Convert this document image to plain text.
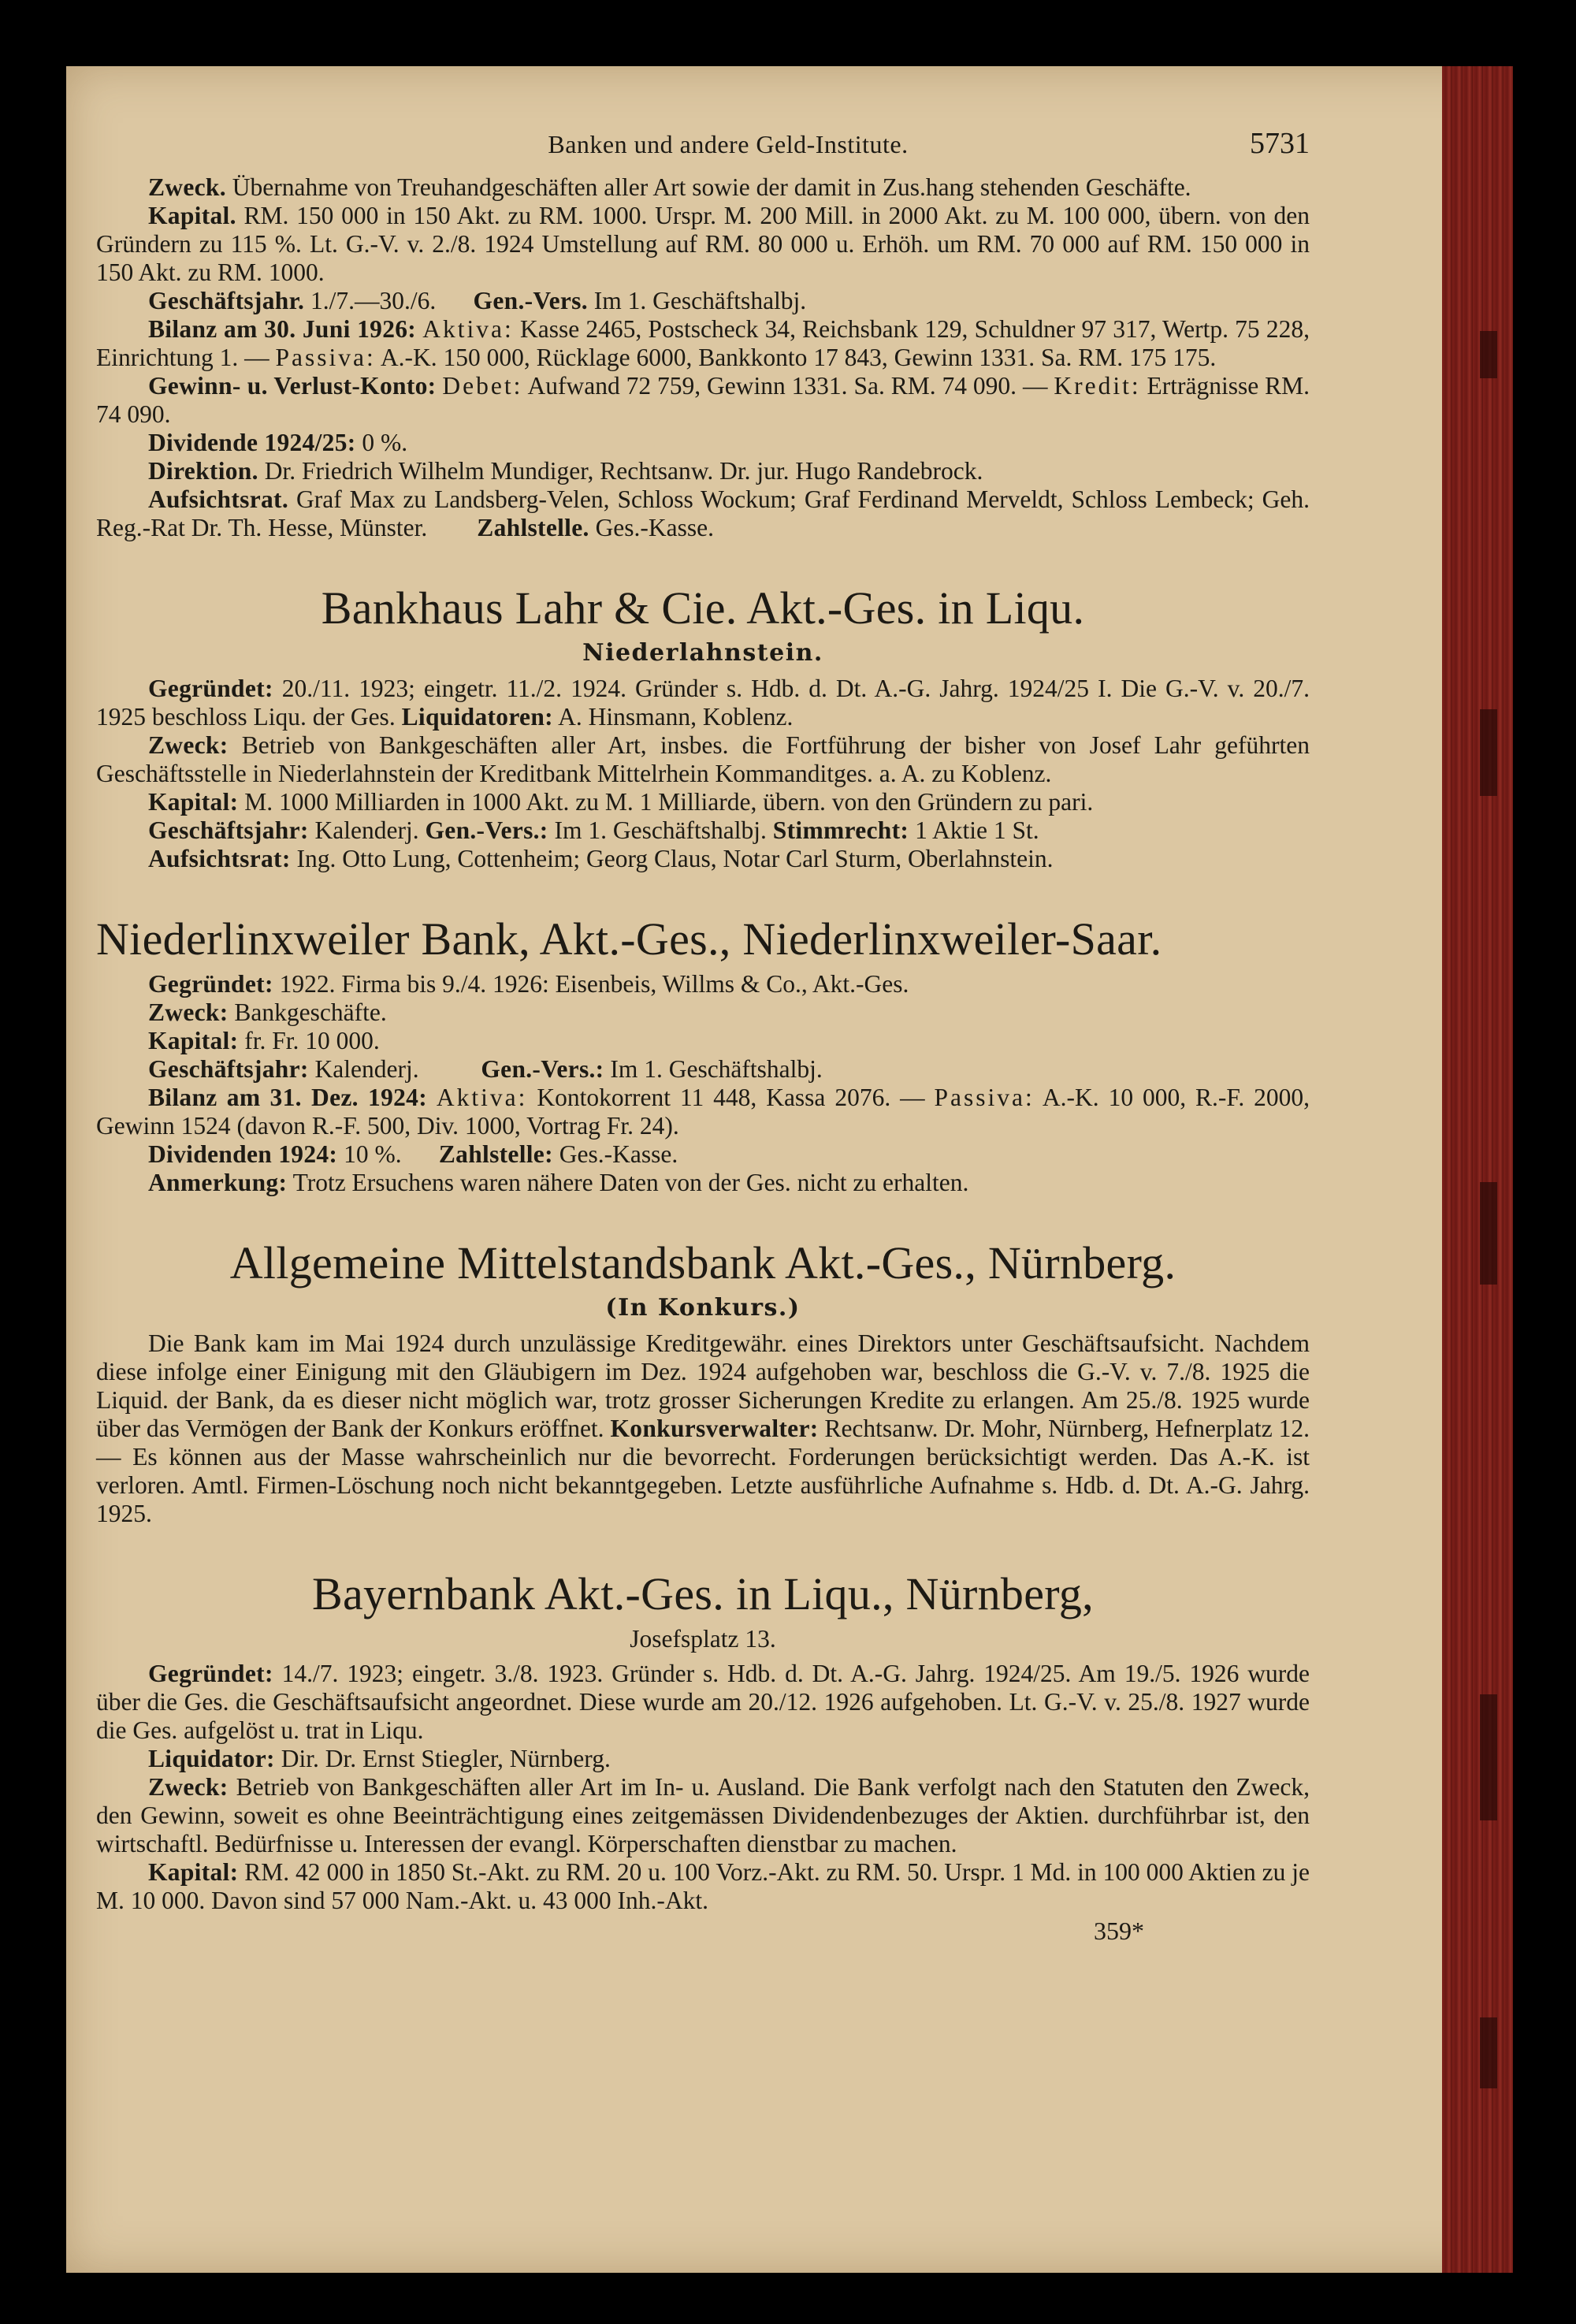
Banken und andere Geld-Institute.	5731

Zweck. Übernahme von Treuhandgeschäften aller Art sowie der damit in Zus.hang stehenden Geschäfte.

Kapital. RM. 150 000 in 150 Akt. zu RM. 1000. Urspr. M. 200 Mill. in 2000 Akt. zu M. 100 000, übern. von den Gründern zu 115 %. Lt. G.-V. v. 2./8. 1924 Umstellung auf RM. 80 000 u. Erhöh. um RM. 70 000 auf RM. 150 000 in 150 Akt. zu RM. 1000.

Geschäftsjahr. 1./7.—30./6. Gen.-Vers. Im 1. Geschäftshalbj.

Bilanz am 30. Juni 1926: Aktiva: Kasse 2465, Postscheck 34, Reichsbank 129, Schuldner 97 317, Wertp. 75 228, Einrichtung 1. — Passiva: A.-K. 150 000, Rücklage 6000, Bankkonto 17 843, Gewinn 1331. Sa. RM. 175 175.

Gewinn- u. Verlust-Konto: Debet: Aufwand 72 759, Gewinn 1331. Sa. RM. 74 090. — Kredit: Erträgnisse RM. 74 090.

Dividende 1924/25: 0 %.

Direktion. Dr. Friedrich Wilhelm Mundiger, Rechtsanw. Dr. jur. Hugo Randebrock.

Aufsichtsrat. Graf Max zu Landsberg-Velen, Schloss Wockum; Graf Ferdinand Merveldt, Schloss Lembeck; Geh. Reg.-Rat Dr. Th. Hesse, Münster. Zahlstelle. Ges.-Kasse.

Bankhaus Lahr & Cie. Akt.-Ges. in Liqu.
Niederlahnstein.

Gegründet: 20./11. 1923; eingetr. 11./2. 1924. Gründer s. Hdb. d. Dt. A.-G. Jahrg. 1924/25 I. Die G.-V. v. 20./7. 1925 beschloss Liqu. der Ges. Liquidatoren: A. Hinsmann, Koblenz.

Zweck: Betrieb von Bankgeschäften aller Art, insbes. die Fortführung der bisher von Josef Lahr geführten Geschäftsstelle in Niederlahnstein der Kreditbank Mittelrhein Kommanditges. a. A. zu Koblenz.

Kapital: M. 1000 Milliarden in 1000 Akt. zu M. 1 Milliarde, übern. von den Gründern zu pari.

Geschäftsjahr: Kalenderj. Gen.-Vers.: Im 1. Geschäftshalbj. Stimmrecht: 1 Aktie 1 St.

Aufsichtsrat: Ing. Otto Lung, Cottenheim; Georg Claus, Notar Carl Sturm, Oberlahnstein.

Niederlinxweiler Bank, Akt.-Ges., Niederlinxweiler-Saar.

Gegründet: 1922. Firma bis 9./4. 1926: Eisenbeis, Willms & Co., Akt.-Ges.

Zweck: Bankgeschäfte.

Kapital: fr. Fr. 10 000.

Geschäftsjahr: Kalenderj.	Gen.-Vers.: Im 1. Geschäftshalbj.

Bilanz am 31. Dez. 1924: Aktiva: Kontokorrent 11 448, Kassa 2076. — Passiva: A.-K. 10 000, R.-F. 2000, Gewinn 1524 (davon R.-F. 500, Div. 1000, Vortrag Fr. 24).

Dividenden 1924: 10 %. Zahlstelle: Ges.-Kasse.

Anmerkung: Trotz Ersuchens waren nähere Daten von der Ges. nicht zu erhalten.

Allgemeine Mittelstandsbank Akt.-Ges., Nürnberg.
(In Konkurs.)

Die Bank kam im Mai 1924 durch unzulässige Kreditgewähr. eines Direktors unter Geschäftsaufsicht. Nachdem diese infolge einer Einigung mit den Gläubigern im Dez. 1924 aufgehoben war, beschloss die G.-V. v. 7./8. 1925 die Liquid. der Bank, da es dieser nicht möglich war, trotz grosser Sicherungen Kredite zu erlangen. Am 25./8. 1925 wurde über das Vermögen der Bank der Konkurs eröffnet. Konkursverwalter: Rechtsanw. Dr. Mohr, Nürnberg, Hefnerplatz 12. — Es können aus der Masse wahrscheinlich nur die bevorrecht. Forderungen berücksichtigt werden. Das A.-K. ist verloren. Amtl. Firmen-Löschung noch nicht bekanntgegeben. Letzte ausführliche Aufnahme s. Hdb. d. Dt. A.-G. Jahrg. 1925.

Bayernbank Akt.-Ges. in Liqu., Nürnberg,
Josefsplatz 13.

Gegründet: 14./7. 1923; eingetr. 3./8. 1923. Gründer s. Hdb. d. Dt. A.-G. Jahrg. 1924/25. Am 19./5. 1926 wurde über die Ges. die Geschäftsaufsicht angeordnet. Diese wurde am 20./12. 1926 aufgehoben. Lt. G.-V. v. 25./8. 1927 wurde die Ges. aufgelöst u. trat in Liqu.

Liquidator: Dir. Dr. Ernst Stiegler, Nürnberg.

Zweck: Betrieb von Bankgeschäften aller Art im In- u. Ausland. Die Bank verfolgt nach den Statuten den Zweck, den Gewinn, soweit es ohne Beeinträchtigung eines zeitgemässen Dividendenbezuges der Aktien. durchführbar ist, den wirtschaftl. Bedürfnisse u. Interessen der evangl. Körperschaften dienstbar zu machen.

Kapital: RM. 42 000 in 1850 St.-Akt. zu RM. 20 u. 100 Vorz.-Akt. zu RM. 50. Urspr. 1 Md. in 100 000 Aktien zu je M. 10 000. Davon sind 57 000 Nam.-Akt. u. 43 000 Inh.-Akt.

359*
